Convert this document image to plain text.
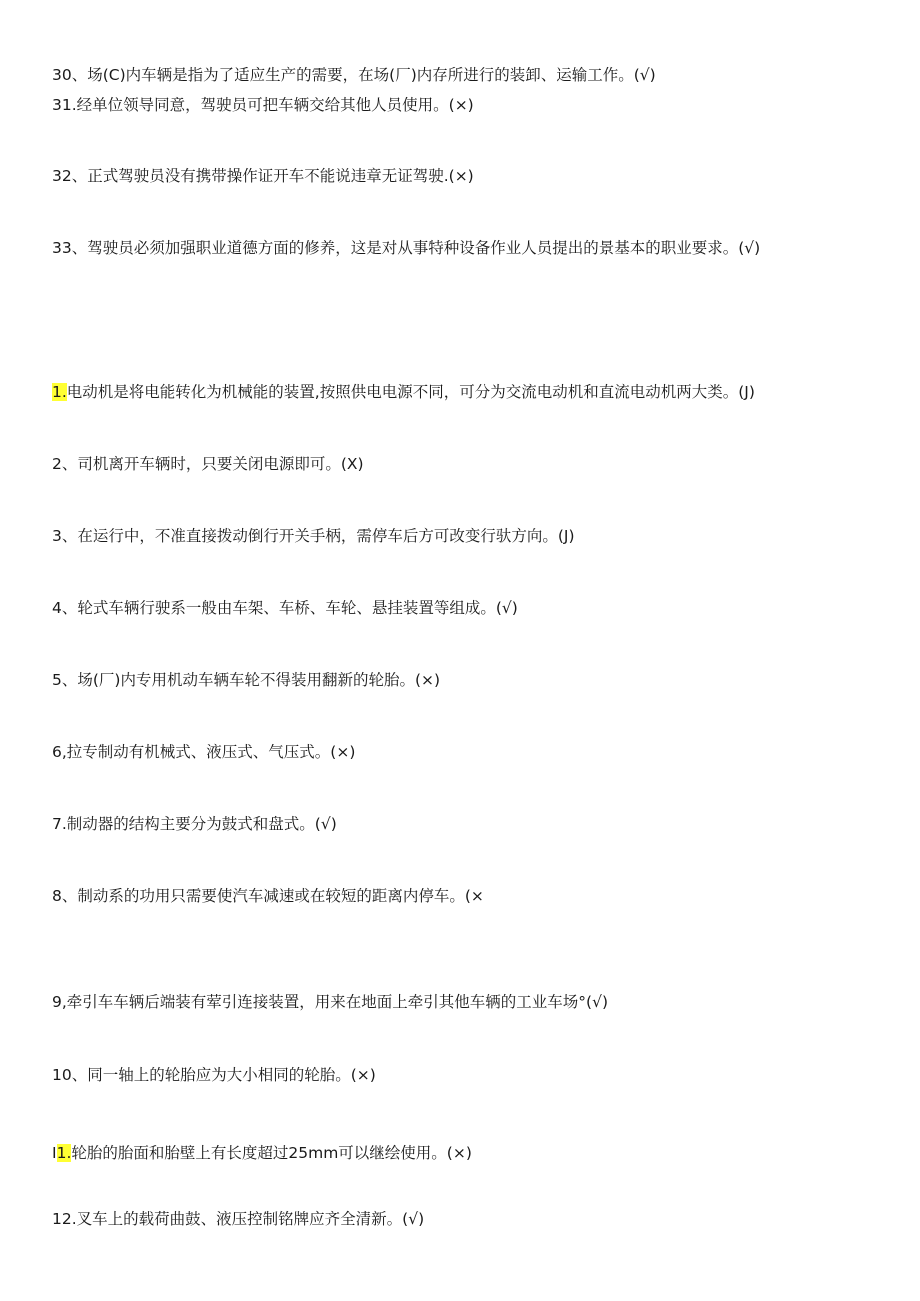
30、场(C)内车辆是指为了适应生产的需要，在场(厂)内存所进行的装卸、运输工作。(√)
31.经单位领导同意，驾驶员可把车辆交给其他人员使用。(×)
32、正式驾驶员没有携带操作证开车不能说违章无证驾驶.(×)
33、驾驶员必须加强职业道德方面的修养，这是对从事特种设备作业人员提出的景基本的职业要求。(√)
1.电动机是将电能转化为机械能的装置,按照供电电源不同，可分为交流电动机和直流电动机两大类。(J)
2、司机离开车辆时，只要关闭电源即可。(X)
3、在运行中，不准直接拨动倒行开关手柄，需停车后方可改变行驮方向。(J)
4、轮式车辆行驶系一般由车架、车桥、车轮、悬挂装置等组成。(√)
5、场(厂)内专用机动车辆车轮不得装用翻新的轮胎。(×)
6,拉专制动有机械式、液压式、气压式。(×)
7.制动器的结构主要分为鼓式和盘式。(√)
8、制动系的功用只需要使汽车减速或在较短的距离内停车。(×
9,牵引车车辆后端装有荤引连接装置，用来在地面上牵引其他车辆的工业车场°(√)
10、同一轴上的轮胎应为大小相同的轮胎。(×)
I1.轮胎的胎面和胎壁上有长度超过25mm可以继绘使用。(×)
12.叉车上的载荷曲鼓、液压控制铭牌应齐全清新。(√)
